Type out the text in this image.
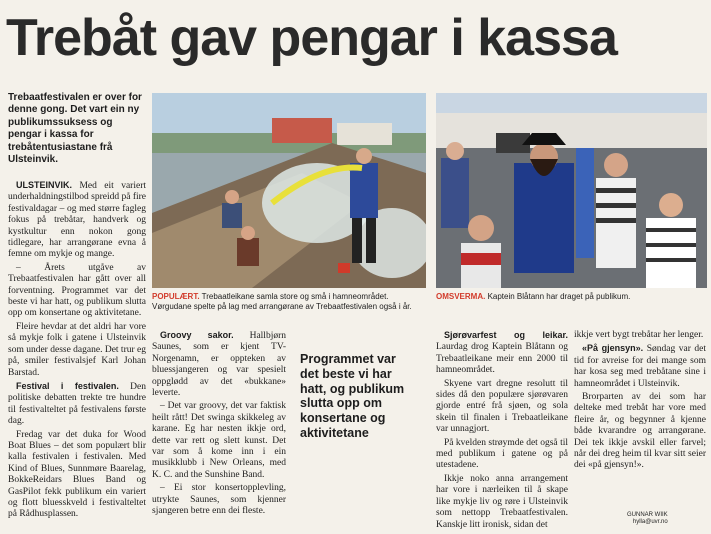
Trebåt gav pengar i kassa
Trebaatfestivalen er over for denne gong. Det vart ein ny publikumssuksess og pengar i kassa for trebåtentusiastane frå Ulsteinvik.
POPULÆRT. Trebaatleikane samla store og små i hamneområdet. Vørgudane spelte på lag med arrangørane av Trebaatfestivalen også i år.
OMSVERMA. Kaptein Blåtann har draget på publikum.

ULSTEINVIK. Med eit variert underhaldningstilbod spreidd på fire festivaldagar – og med større fagleg fokus på trebåtar, handverk og kystkultur enn nokon gong tidlegare, har arrangørane evna å femne om mykje og mange.

– Årets utgåve av Trebaatfestivalen har gått over all forventning. Programmet var det beste vi har hatt, og publikum slutta opp om konsertane og aktivitetane.

Fleire hevdar at det aldri har vore så mykje folk i gatene i Ulsteinvik som under desse dagane. Det trur eg på, smiler festivalsjef Karl Johan Barstad.

Festival i festivalen. Den politiske debatten trekte tre hundre til festivalteltet på festivalens første dag.

Fredag var det duka for Wood Boat Blues – det som populært blir kalla festivalen i festivalen. Med Kind of Blues, Sunnmøre Baarelag, BokkeReidars Blues Band og GasPilot fekk publikum ein variert og flott bluesskveld i festivalteltet på Rådhusplassen.

Groovy sakor. Hallbjørn Saunes, som er kjent TV-Norgenamn, er oppteken av bluessjangeren og var spesielt oppglødd av det «bukkane» leverte.

– Det var groovy, det var faktisk heilt rått! Det swinga skikkeleg av karane. Eg har nesten ikkje ord, dette var rett og slett kunst. Det var som å kome inn i ein musikklubb i New Orleans, med K. C. and the Sunshine Band.

– Ei stor konsertopplevling, utrykte Saunes, som kjenner sjangeren betre enn dei fleste.

Programmet var det beste vi har hatt, og publikum slutta opp om konsertane og aktivitetane

Sjørøvarfest og leikar. Laurdag drog Kaptein Blåtann og Trebaatleikane meir enn 2000 til hamneområdet.

Skyene vart dregne resolutt til sides då den populære sjørøvaren gjorde entré frå sjøen, og sola skein til finalen i Trebaatleikane var unnagjort.

På kvelden strøymde det også til med publikum i gatene og på utestadene.

Ikkje noko anna arrangement har vore i nærleiken til å skape like mykje liv og røre i Ulsteinvik som nettopp Trebaatfestivalen. Kanskje litt ironisk, sidan det

ikkje vert bygt trebåtar her lenger.

«På gjensyn». Søndag var det tid for avreise for dei mange som har kosa seg med trebåtane sine i hamneområdet i Ulsteinvik.

Brorparten av dei som har delteke med trebåt har vore med fleire år, og begynner å kjenne både kvarandre og arrangørane. Dei tek ikkje avskil eller farvel; når dei dreg heim til kvar sitt seier dei «på gjensyn!».

GUNNAR WIIK
hylla@uvr.no
